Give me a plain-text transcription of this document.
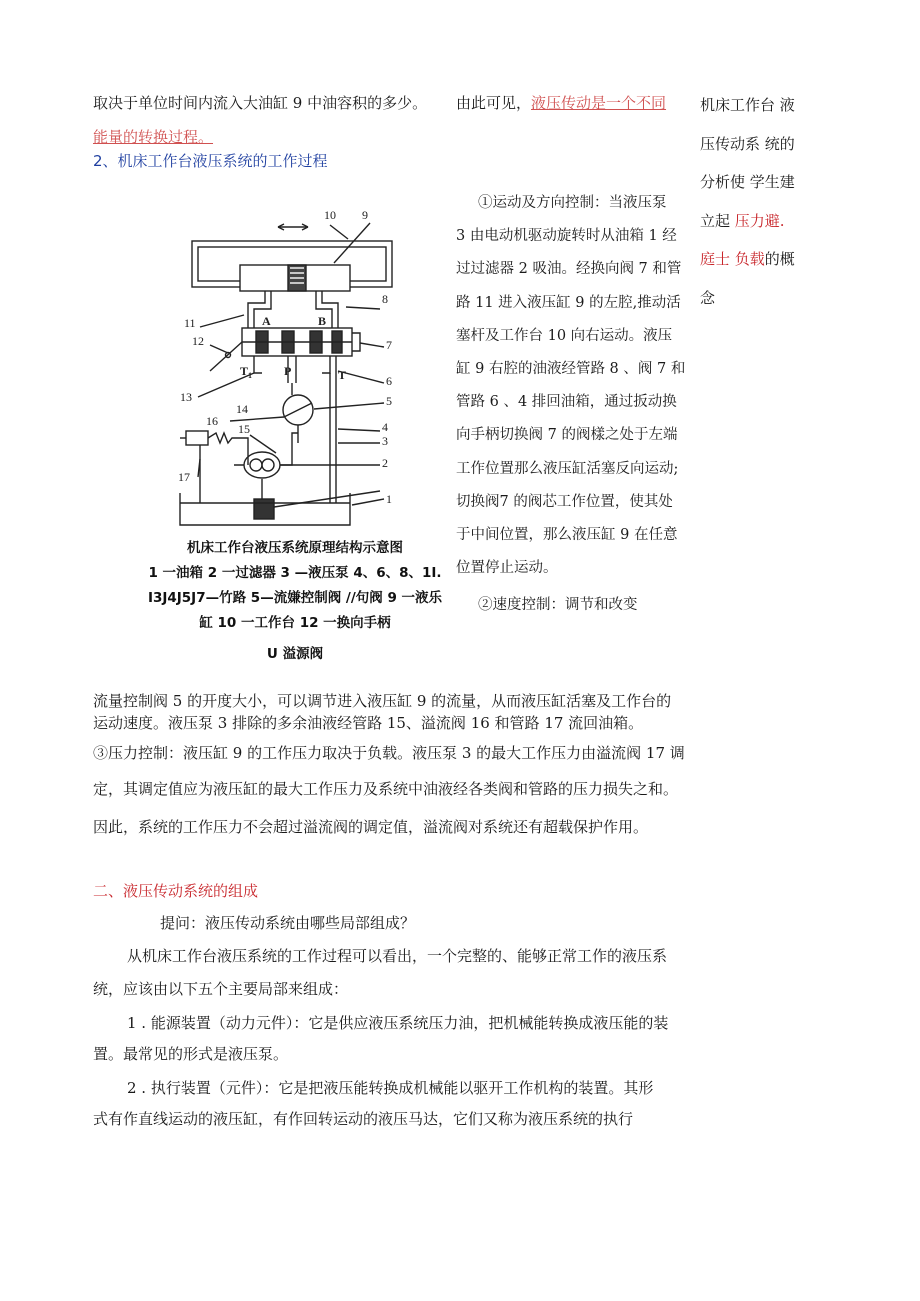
取决于单位时间内流入大油缸 9 中油容积的多少。
能量的转换过程。
2、机床工作台液压系统的工作过程
由此可见，液压传动是一个不同 机床工作台 液
压传动系 统的
分析使 学生建
立起 压力避.
庭士 负载的概
念
10 9
8
11
12	7
A	B
$T_1$	P	T	6
13	5
14
16
15	4
3
17
2
1
机床工作台液压系统原理结构示意图
1 一油箱 2 一过滤器 3 —液压泵 4、6、8、1I.
I3J4J5J7—竹路 5—流嫌控制阀 //句阀 9 一液乐
缸 10 一工作台 12 一换向手柄
U 溢源阀
①运动及方向控制：当液压泵
3 由电动机驱动旋转时从油箱 1 经
过过滤器 2 吸油。经换向阀 7 和管
路 11 进入液压缸 9 的左腔,推动活
塞杆及工作台 10 向右运动。液压
缸 9 右腔的油液经管路 8 、阀 7 和
管路 6 、4 排回油箱，通过扳动换
向手柄切换阀 7 的阀樣之处于左端
工作位置那么液压缸活塞反向运动;
切换阀7 的阀芯工作位置，使其处
于中间位置，那么液压缸 9 在任意
位置停止运动。
②速度控制：调节和改变
流量控制阀 5 的开度大小，可以调节进入液压缸 9 的流量，从而液压缸活塞及工作台的
运动速度。液压泵 3 排除的多余油液经管路 15、溢流阀 16 和管路 17 流回油箱。
③压力控制：液压缸 9 的工作压力取决于负载。液压泵 3 的最大工作压力由溢流阀 17 调
定，其调定值应为液压缸的最大工作压力及系统中油液经各类阀和管路的压力损失之和。
因此，系统的工作压力不会超过溢流阀的调定值，溢流阀对系统还有超载保护作用。
二、液压传动系统的组成
提问：液压传动系统由哪些局部组成？
从机床工作台液压系统的工作过程可以看出，一个完整的、能够正常工作的液压系
统，应该由以下五个主要局部来组成：
1 . 能源装置（动力元件）：它是供应液压系统压力油，把机械能转换成液压能的装
置。最常见的形式是液压泵。
2 . 执行装置（元件）：它是把液压能转换成机械能以驱开工作机构的装置。其形
式有作直线运动的液压缸，有作回转运动的液压马达，它们又称为液压系统的执行
